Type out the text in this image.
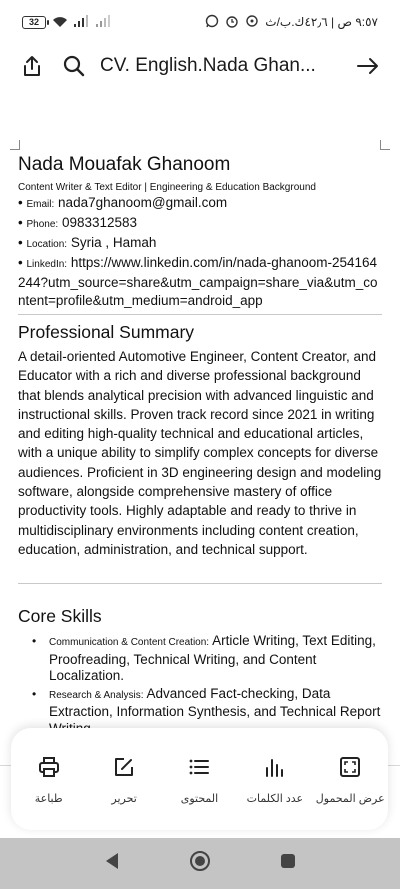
32	٩:٥٧ ص | ٤٢٫٦ك.ب/ث
CV. English.Nada Ghan...
Nada Mouafak Ghanoom
Content Writer & Text Editor | Engineering & Education Background
• Email: nada7ghanoom@gmail.com
• Phone: 0983312583
• Location: Syria , Hamah
• LinkedIn: https://www.linkedin.com/in/nada-ghanoom-254164244?utm_source=share&utm_campaign=share_via&utm_content=profile&utm_medium=android_app
Professional Summary
A detail-oriented Automotive Engineer, Content Creator, and Educator with a rich and diverse professional background that blends analytical precision with advanced linguistic and instructional skills. Proven track record since 2021 in writing and editing high-quality technical and educational articles, with a unique ability to simplify complex concepts for diverse audiences. Proficient in 3D engineering design and modeling software, alongside comprehensive mastery of office productivity tools. Highly adaptable and ready to thrive in multidisciplinary environments including content creation, education, administration, and technical support.
Core Skills
• Communication & Content Creation: Article Writing, Text Editing, Proofreading, Technical Writing, and Content Localization.
• Research & Analysis: Advanced Fact-checking, Data Extraction, Information Synthesis, and Technical Report
طباعة	تحرير	المحتوى	عدد الكلمات عرض المحمول
